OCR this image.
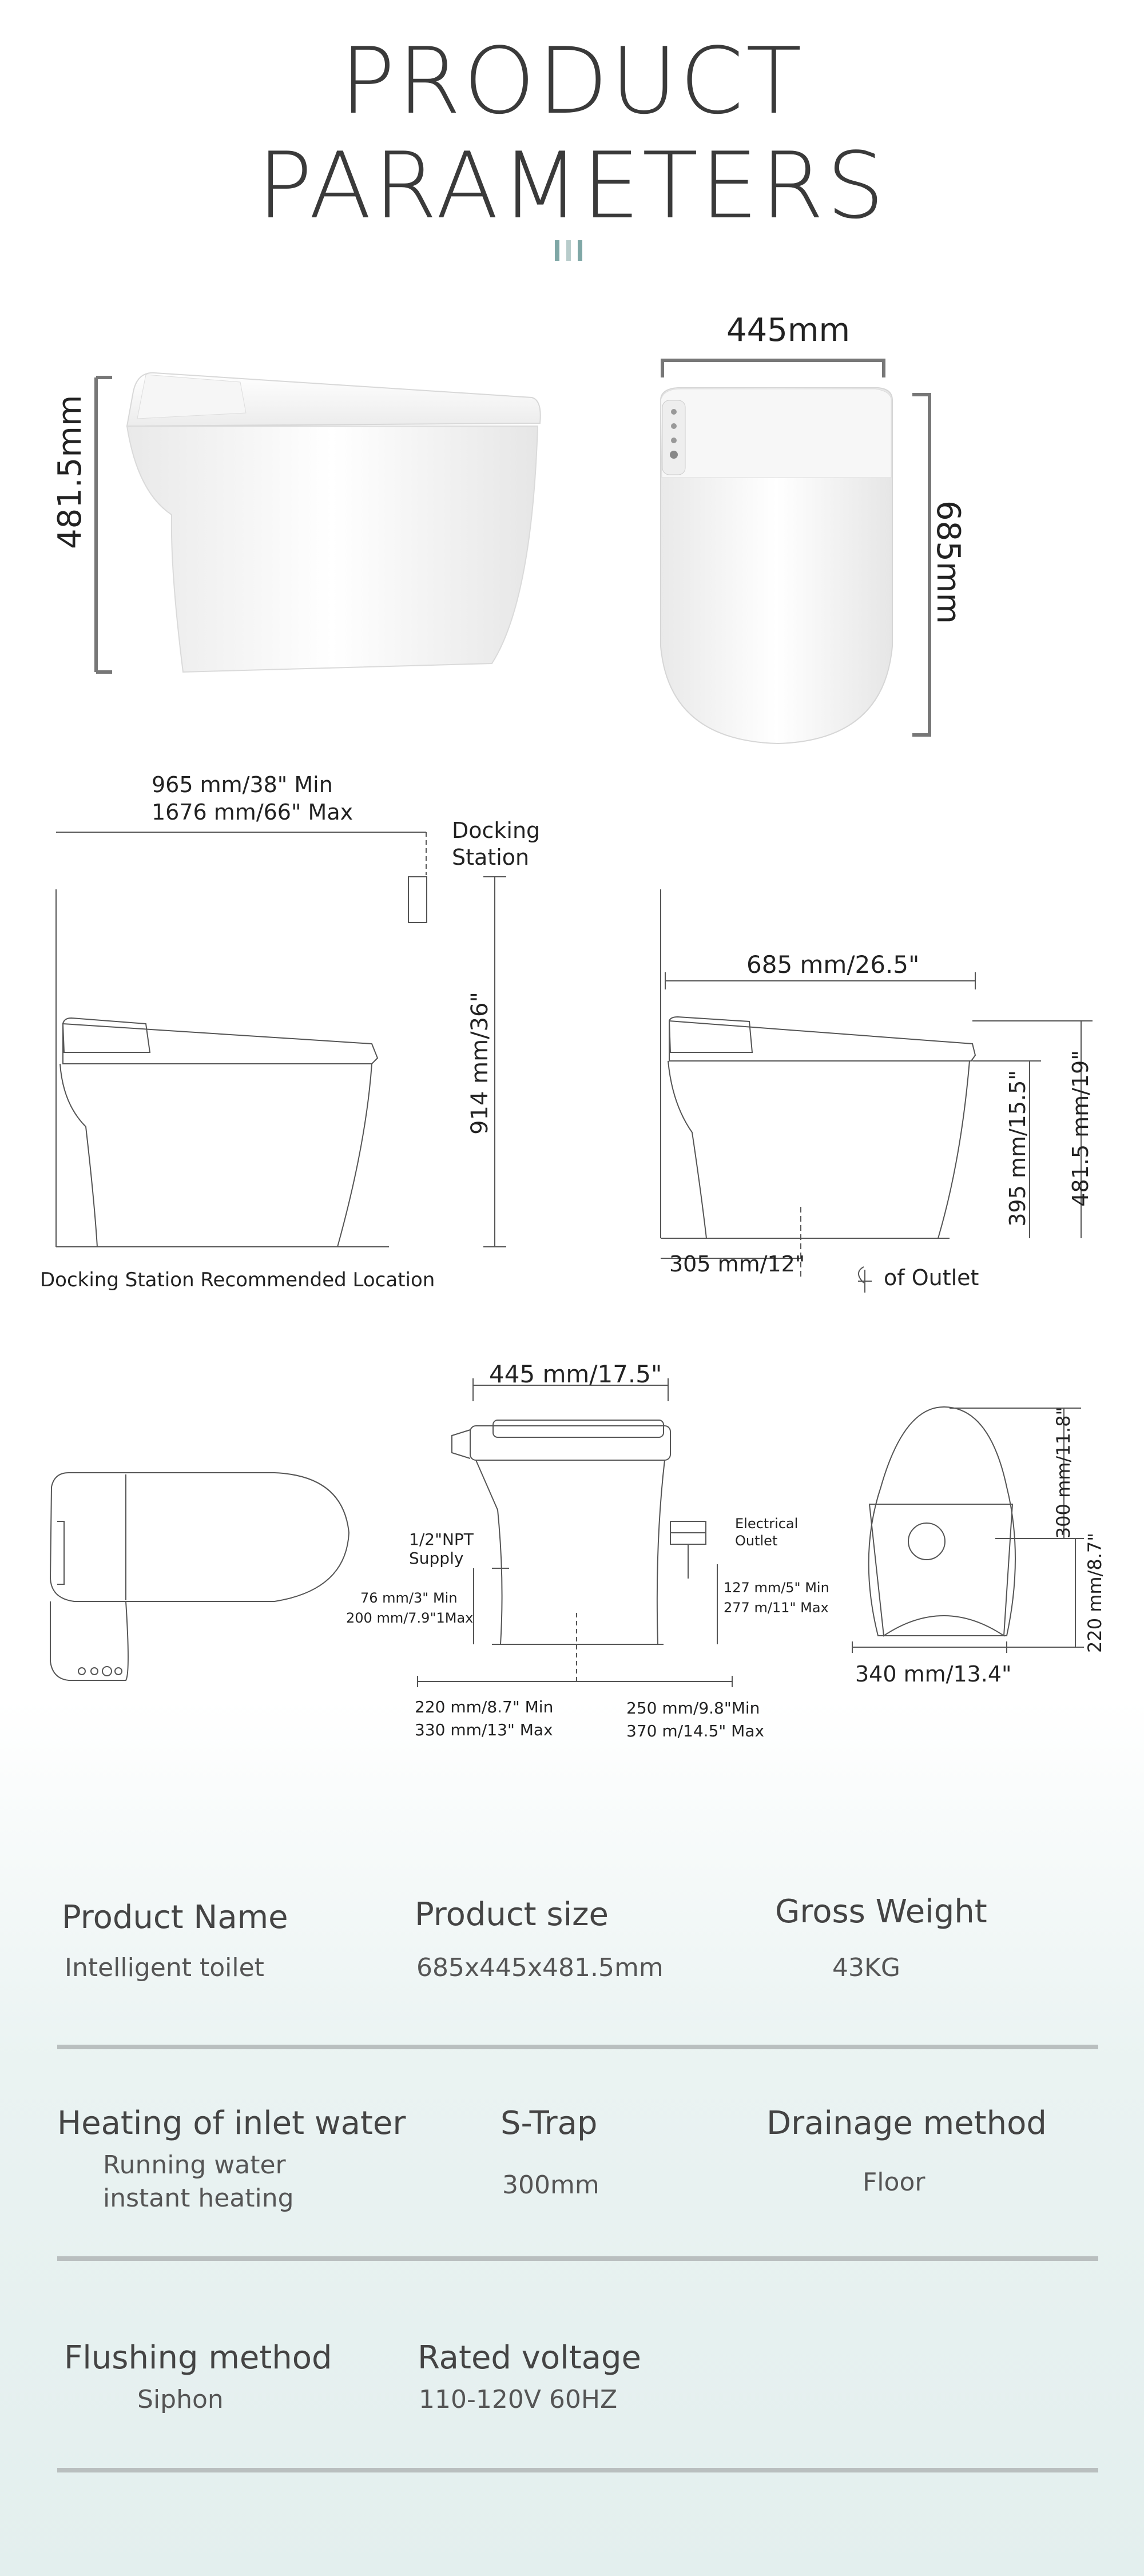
PRODUCT
PARAMETERS
481.5mm
445mm
685mm
965 mm/38" Min
1676 mm/66" Max
Docking
Station
914 mm/36"
Docking Station Recommended Location
685 mm/26.5"
395 mm/15.5" 481.5 mm/19"
305 mm/12"
of Outlet
445 mm/17.5"
1/2"NPT
Supply
76 mm/3" Min
200 mm/7.9"1Max
Electrical
Outlet
127 mm/5" Min
277 m/11" Max
220 mm/8.7" Min
330 mm/13" Max
250 mm/9.8"Min
370 m/14.5" Max
300 mm/11.8"
220 mm/8.7"
340 mm/13.4"
Product Name
Intelligent toilet
Product size
685x445x481.5mm
Gross Weight
43KG
Heating of inlet water
Running water
instant heating
S-Trap
300mm
Drainage method
Floor
Flushing method
Siphon
Rated voltage
110-120V 60HZ
